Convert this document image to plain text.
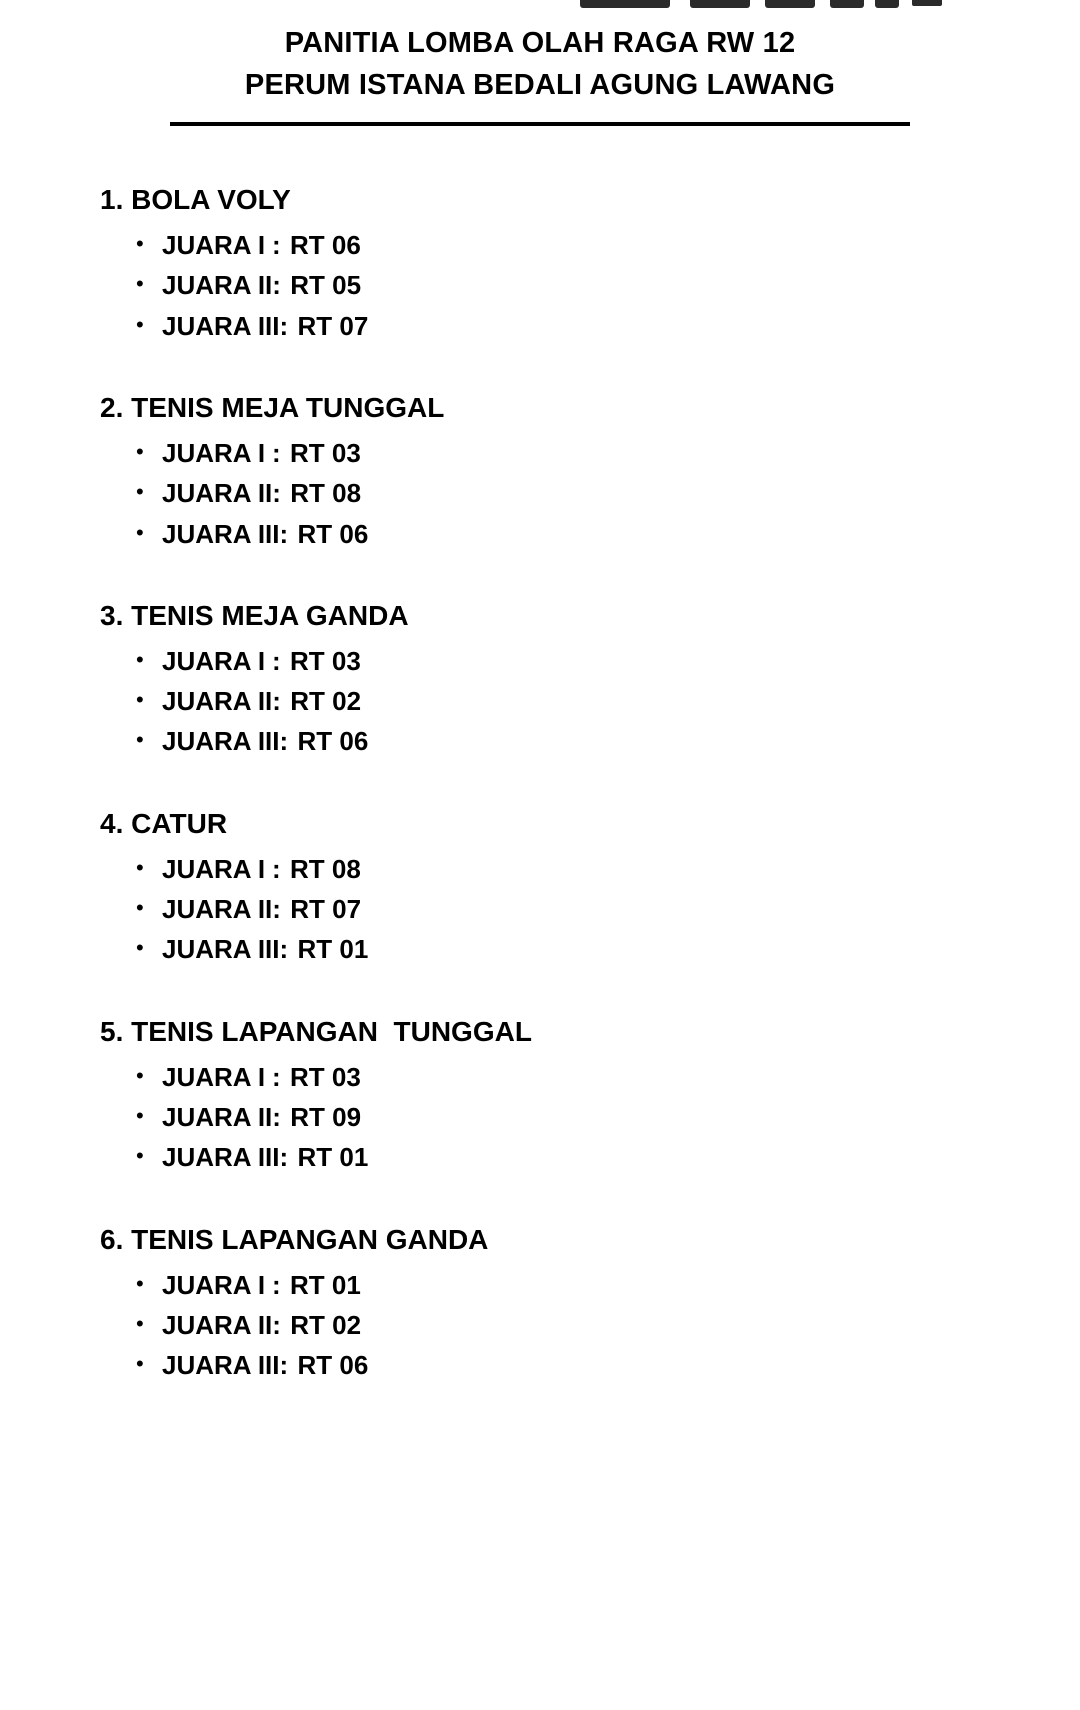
PANITIA LOMBA OLAH RAGA RW 12
PERUM ISTANA BEDALI AGUNG LAWANG
1. BOLA VOLY
• JUARA I : RT 06
• JUARA II : RT 05
• JUARA III : RT 07
2. TENIS MEJA TUNGGAL
• JUARA I : RT 03
• JUARA II : RT 08
• JUARA III : RT 06
3. TENIS MEJA GANDA
• JUARA I : RT 03
• JUARA II : RT 02
• JUARA III : RT 06
4. CATUR
• JUARA I : RT 08
• JUARA II : RT 07
• JUARA III : RT 01
5. TENIS LAPANGAN  TUNGGAL
• JUARA I : RT 03
• JUARA II : RT 09
• JUARA III : RT 01
6. TENIS LAPANGAN GANDA
• JUARA I : RT 01
• JUARA II : RT 02
• JUARA III : RT 06
